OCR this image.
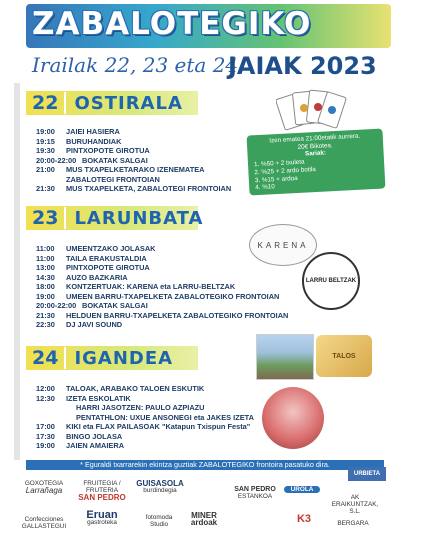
ZABALOTEGIKO
Irailak 22, 23 eta 24
JAIAK 2023
22 OSTIRALA
19:00	JAIEI HASIERA
19:15	BURUHANDIAK
19:30	PINTXOPOTE GIROTUA
20:00-22:00 BOKATAK SALGAI
21:00	MUS TXAPELKETARAKO IZENEMATEA
ZABALOTEGI FRONTOIAN
21:30	MUS TXAPELKETA, ZABALOTEGI FRONTOIAN
Izen ematea 21:00etatik aurrera.
20€ Bikotea.
Sariak:
1. %50 + 2 txuleta
2. %25 + 2 ardo botila
3. %15 + ardoa
4. %10
23 LARUNBATA
11:00	UMEENTZAKO JOLASAK
11:00	TAILA ERAKUSTALDIA
13:00	PINTXOPOTE GIROTUA
14:30	AUZO BAZKARIA
18:00	KONTZERTUAK: KARENA eta LARRU-BELTZAK
19:00	UMEEN BARRU-TXAPELKETA ZABALOTEGIKO FRONTOIAN
20:00-22:00 BOKATAK SALGAI
21:30	HELDUEN BARRU-TXAPELKETA ZABALOTEGIKO FRONTOIAN
22:30	DJ JAVI SOUND
KARENA
LARRU BELTZAK
24 IGANDEA
12:00	TALOAK, ARABAKO TALOEN ESKUTIK
12:30	IZETA ESKOLATIK
HARRI JASOTZEN: PAULO AZPIAZU
PENTATHLON: UXUE ANSONEGI eta JAKES IZETA
17:00	KIKI eta FLAX PAILASOAK "Katapun Txispun Festa"
17:30	BINGO JOLASA
19:00	JAIEN AMAIERA
TALOS
* Eguraldi txarrarekin ekintza guztiak ZABALOTEGIKO frontoira pasatuko dira.
URBIETA
GOXOTEGIA
Larrañaga
FRUITEGIA / FRUTERIA
SAN PEDRO
GUISASOLA
burdindegia	SAN PEDRO
ESTANKOA
UROLA
AK ERAIKUNTZAK, S.L.
Confecciones
GALLASTEGUI
Eruan
gastroteka
fotomoda
Studio
MINER
ardoak	K3	BERGARA
